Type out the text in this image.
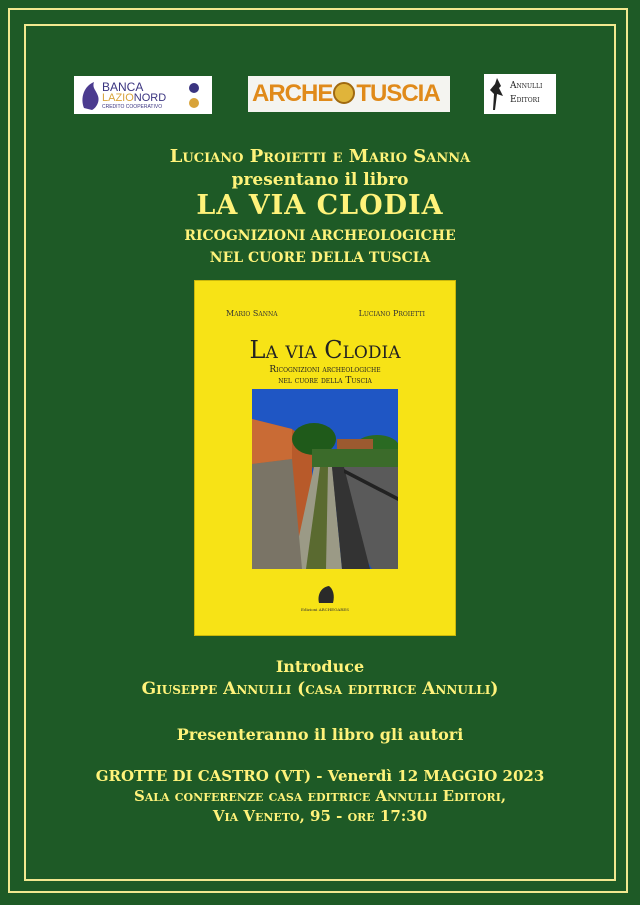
BANCA
LAZIONORD
CREDITO COOPERATIVO	ARCHE TUSCIA	Annulli
Editori
Luciano Proietti e Mario Sanna
presentano il libro
LA VIA CLODIA
RICOGNIZIONI ARCHEOLOGICHE
NEL CUORE DELLA TUSCIA
Mario Sanna	Luciano Proietti
La via Clodia
Ricognizioni archeologiche
nel cuore della Tuscia
Edizioni ARCHEOARES
Introduce
Giuseppe Annulli (casa editrice Annulli)
Presenteranno il libro gli autori
GROTTE DI CASTRO (VT) - Venerdì 12 MAGGIO 2023
Sala conferenze casa editrice Annulli Editori,
Via Veneto, 95 - ore 17:30
